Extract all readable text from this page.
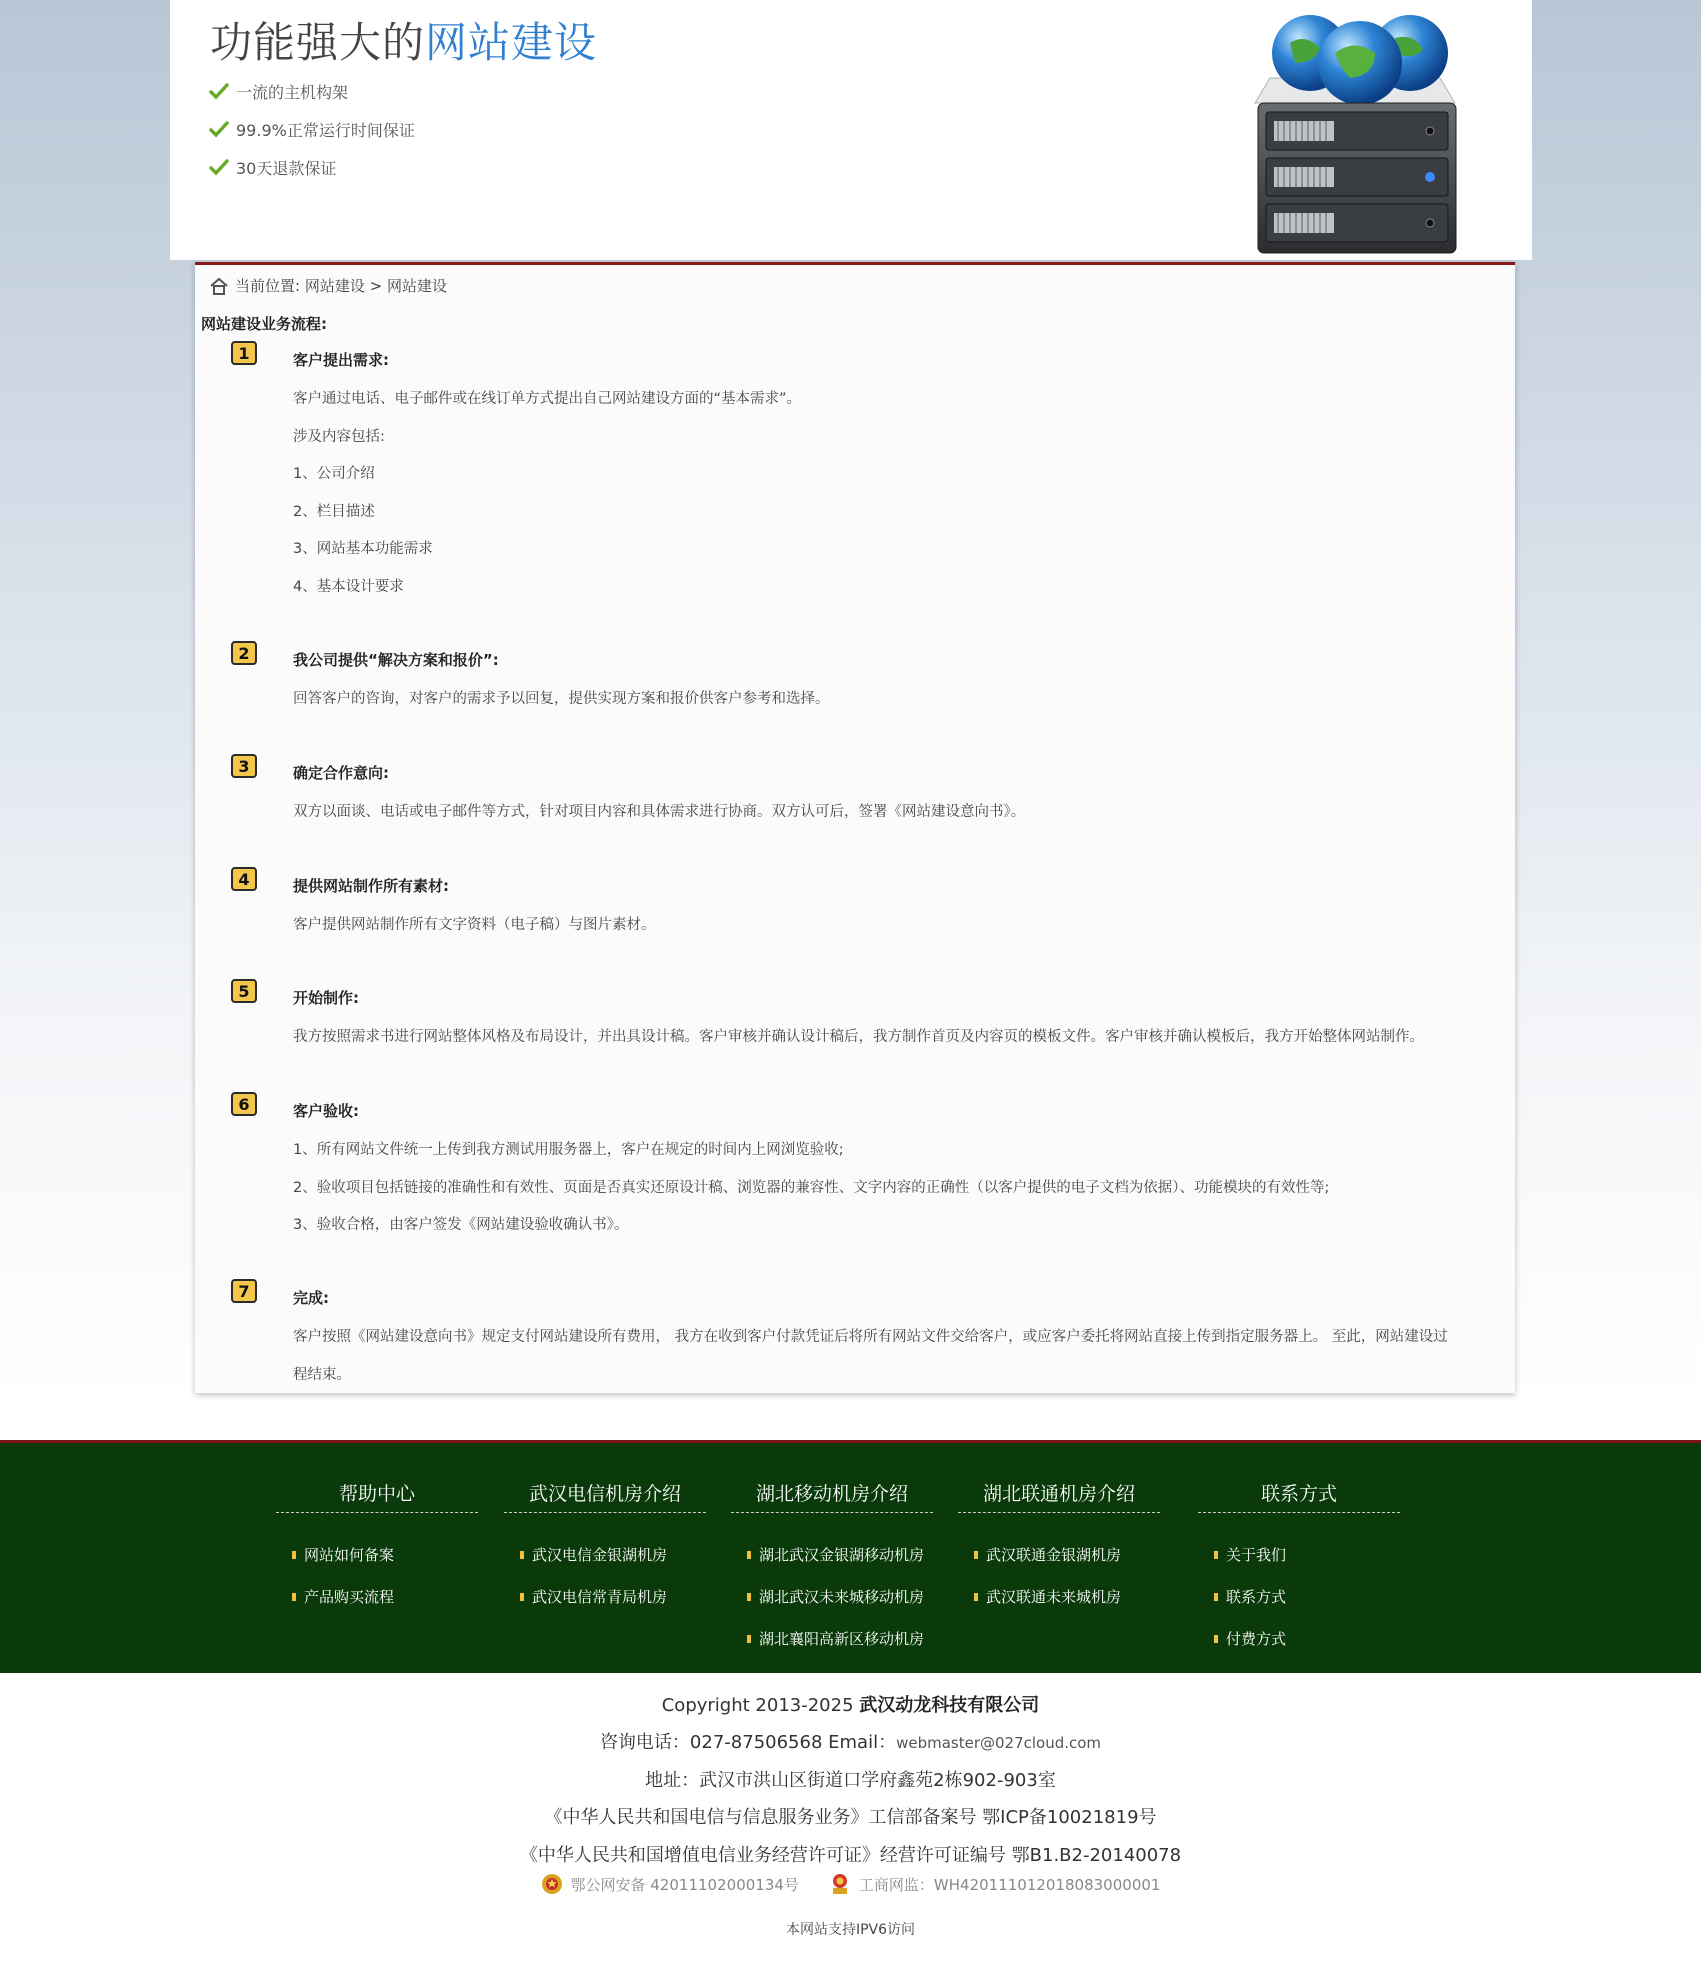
功能强大的网站建设
一流的主机构架
99.9%正常运行时间保证
30天退款保证
当前位置:
网站建设
>
网站建设
网站建设业务流程:
1	客户提出需求:
客户通过电话、电子邮件或在线订单方式提出自己网站建设方面的“基本需求”。
涉及内容包括:
1、公司介绍
2、栏目描述
3、网站基本功能需求
4、基本设计要求
2	我公司提供“解决方案和报价”:
回答客户的咨询，对客户的需求予以回复，提供实现方案和报价供客户参考和选择。
3	确定合作意向:
双方以面谈、电话或电子邮件等方式，针对项目内容和具体需求进行协商。双方认可后，签署《网站建设意向书》。
4	提供网站制作所有素材:
客户提供网站制作所有文字资料（电子稿）与图片素材。
5	开始制作:
我方按照需求书进行网站整体风格及布局设计，并出具设计稿。客户审核并确认设计稿后，我方制作首页及内容页的模板文件。客户审核并确认模板后，我方开始整体网站制作。
6	客户验收:
1、所有网站文件统一上传到我方测试用服务器上，客户在规定的时间内上网浏览验收;
2、验收项目包括链接的准确性和有效性、页面是否真实还原设计稿、浏览器的兼容性、文字内容的正确性（以客户提供的电子文档为依据）、功能模块的有效性等;
3、验收合格，由客户签发《网站建设验收确认书》。
7	完成:
客户按照《网站建设意向书》规定支付网站建设所有费用， 我方在收到客户付款凭证后将所有网站文件交给客户，或应客户委托将网站直接上传到指定服务器上。 至此，网站建设过
程结束。
帮助中心
网站如何备案
产品购买流程
武汉电信机房介绍
武汉电信金银湖机房
武汉电信常青局机房
湖北移动机房介绍
湖北武汉金银湖移动机房
湖北武汉未来城移动机房
湖北襄阳高新区移动机房
湖北联通机房介绍
武汉联通金银湖机房
武汉联通未来城机房
联系方式
关于我们
联系方式
付费方式
Copyright 2013-2025 武汉动龙科技有限公司
咨询电话：027-87506568 Email：webmaster@027cloud.com
地址：武汉市洪山区街道口学府鑫苑2栋902-903室
《中华人民共和国电信与信息服务业务》工信部备案号 鄂ICP备10021819号
《中华人民共和国增值电信业务经营许可证》经营许可证编号 鄂B1.B2-20140078
鄂公网安备 42011102000134号	工商网监：WH420111012018083000001
本网站支持IPV6访问
